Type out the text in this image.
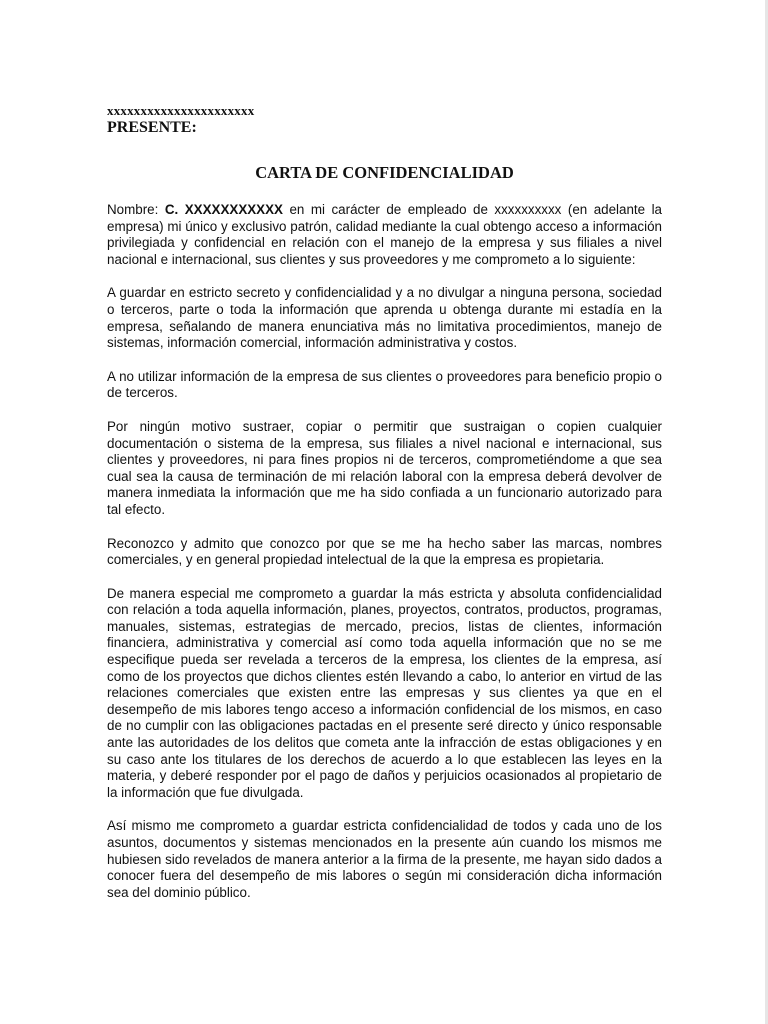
xxxxxxxxxxxxxxxxxxxxxx

PRESENTE:

CARTA DE CONFIDENCIALIDAD

Nombre: C. XXXXXXXXXXX en mi carácter de empleado de xxxxxxxxxx (en adelante la empresa) mi único y exclusivo patrón, calidad mediante la cual obtengo acceso a información privilegiada y confidencial en relación con el manejo de la empresa y sus filiales a nivel nacional e internacional, sus clientes y sus proveedores y me comprometo a lo siguiente:

A guardar en estricto secreto y confidencialidad y a no divulgar a ninguna persona, sociedad o terceros, parte o toda la información que aprenda u obtenga durante mi estadía en la empresa, señalando de manera enunciativa más no limitativa procedimientos, manejo de sistemas, información comercial, información administrativa y costos.

A no utilizar información de la empresa de sus clientes o proveedores para beneficio propio o de terceros.

Por ningún motivo sustraer, copiar o permitir que sustraigan o copien cualquier documentación o sistema de la empresa, sus filiales a nivel nacional e internacional, sus clientes y proveedores, ni para fines propios ni de terceros, comprometiéndome a que sea cual sea la causa de terminación de mi relación laboral con la empresa deberá devolver de manera inmediata la información que me ha sido confiada a un funcionario autorizado para tal efecto.

Reconozco y admito que conozco por que se me ha hecho saber las marcas, nombres comerciales, y en general propiedad intelectual de la que la empresa es propietaria.

De manera especial me comprometo a guardar la más estricta y absoluta confidencialidad con relación a toda aquella información, planes, proyectos, contratos, productos, programas, manuales, sistemas, estrategias de mercado, precios, listas de clientes, información financiera, administrativa y comercial así como toda aquella información que no se me especifique pueda ser revelada a terceros de la empresa, los clientes de la empresa, así como de los proyectos que dichos clientes estén llevando a cabo, lo anterior en virtud de las relaciones comerciales que existen entre las empresas y sus clientes ya que en el desempeño de mis labores tengo acceso a información confidencial de los mismos, en caso de no cumplir con las obligaciones pactadas en el presente seré directo y único responsable ante las autoridades de los delitos que cometa ante la infracción de estas obligaciones y en su caso ante los titulares de los derechos de acuerdo a lo que establecen las leyes en la materia, y deberé responder por el pago de daños y perjuicios ocasionados al propietario de la información que fue divulgada.

Así mismo me comprometo a guardar estricta confidencialidad de todos y cada uno de los asuntos, documentos y sistemas mencionados en la presente aún cuando los mismos me hubiesen sido revelados de manera anterior a la firma de la presente, me hayan sido dados a conocer fuera del desempeño de mis labores o según mi consideración dicha información sea del dominio público.
